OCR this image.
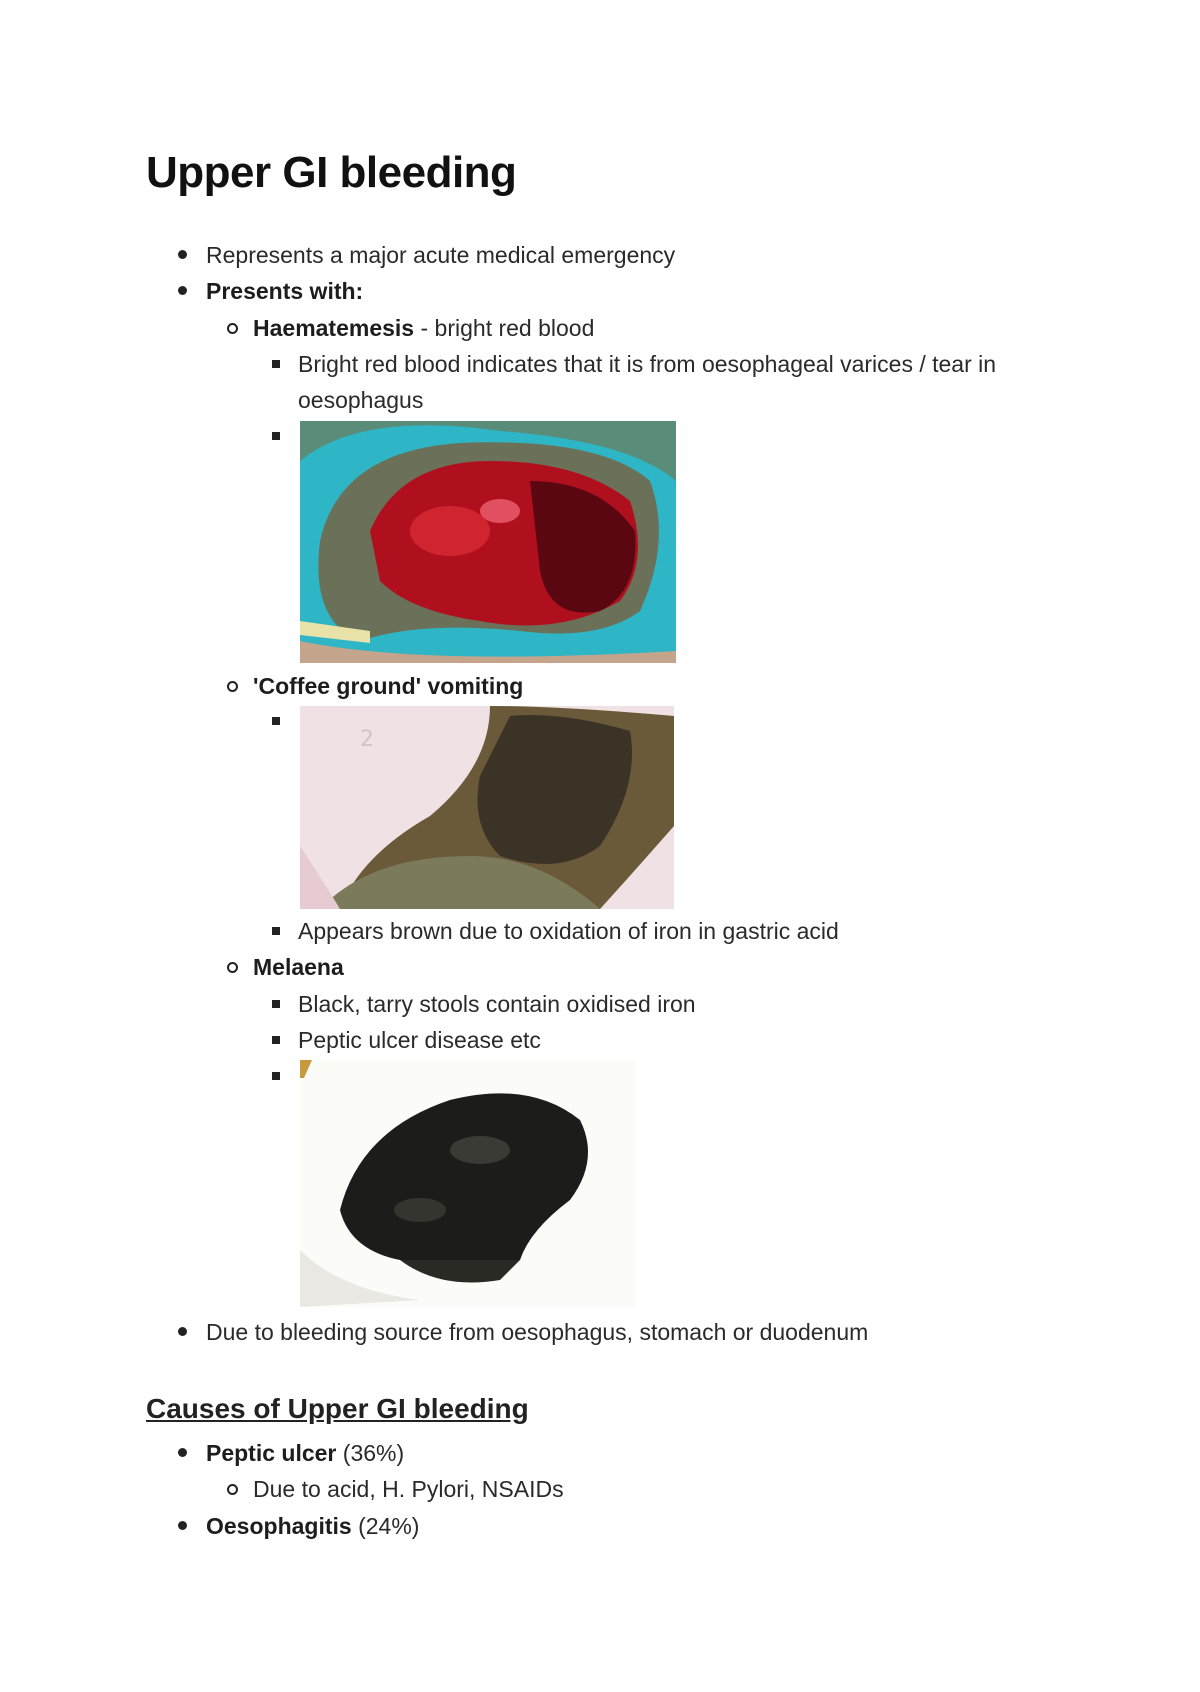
Upper GI bleeding
Represents a major acute medical emergency
Presents with:
Haematemesis - bright red blood
Bright red blood indicates that it is from oesophageal varices / tear in
oesophagus
'Coffee ground' vomiting
2
Appears brown due to oxidation of iron in gastric acid
Melaena
Black, tarry stools contain oxidised iron
Peptic ulcer disease etc
Due to bleeding source from oesophagus, stomach or duodenum
Causes of Upper GI bleeding
Peptic ulcer (36%)
Due to acid, H. Pylori, NSAIDs
Oesophagitis (24%)
